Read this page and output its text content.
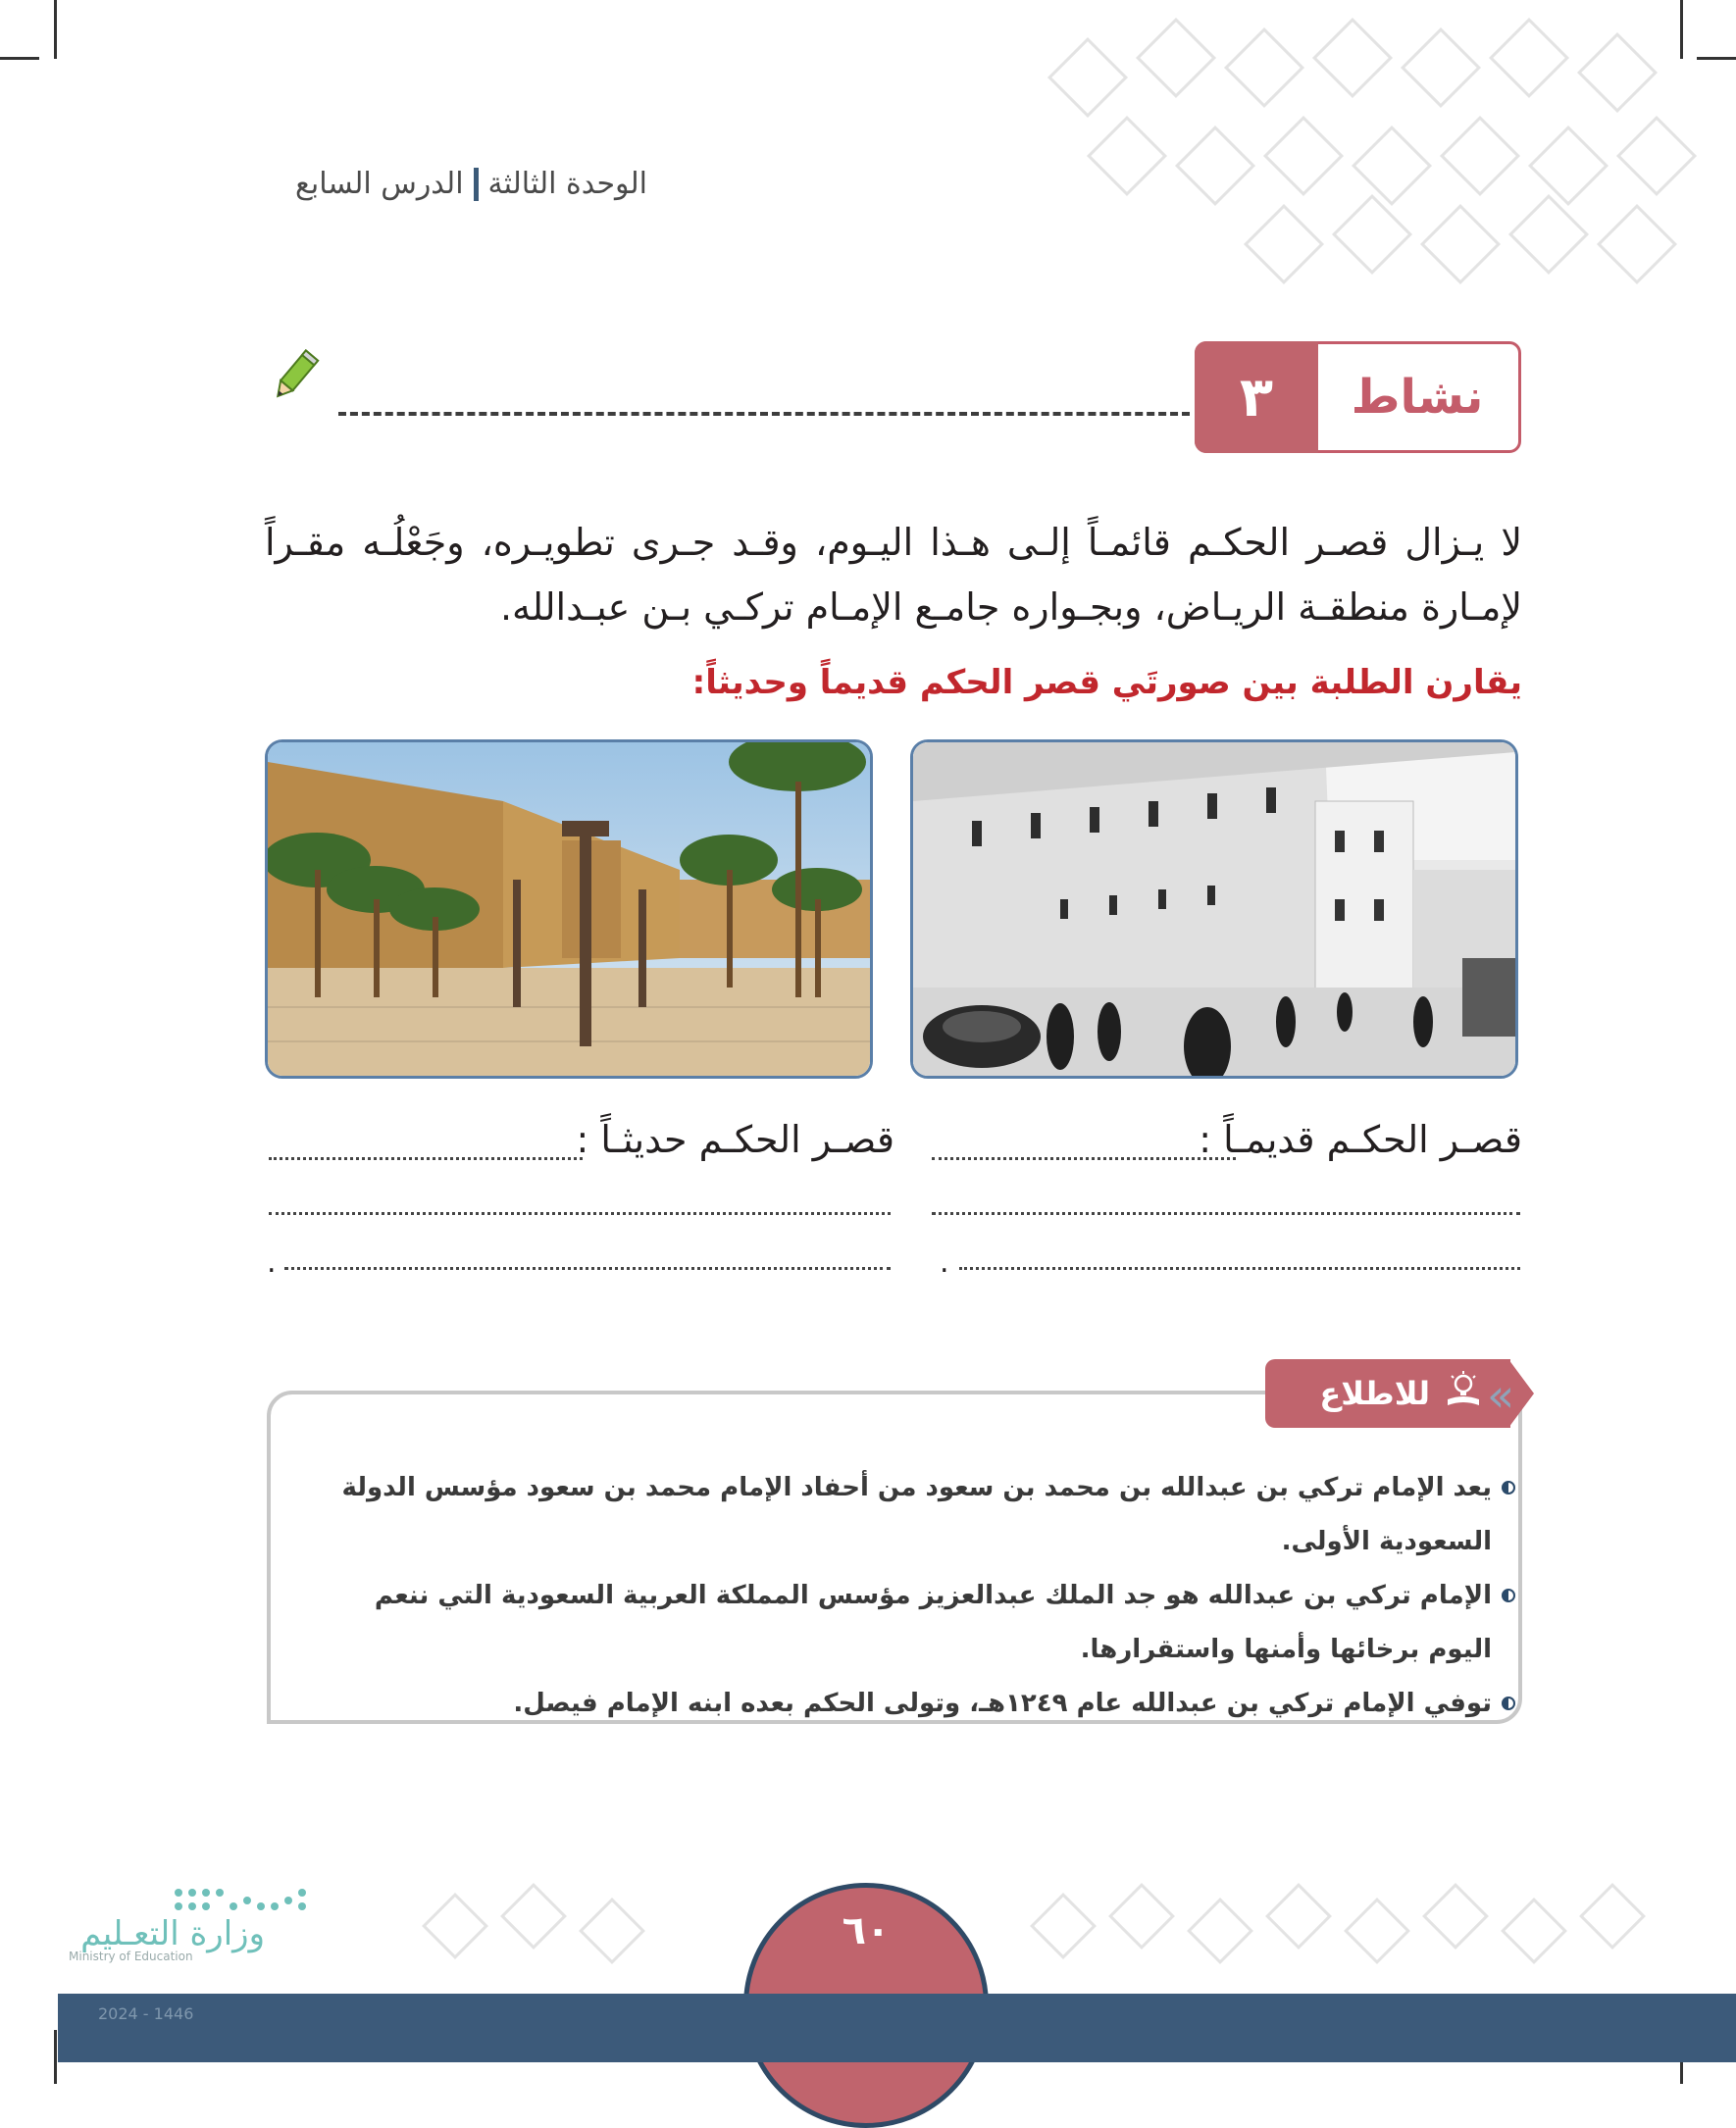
الوحدة الثالثة
الدرس السابع
نشاط
٣
لا يـزال قصـر الحكـم قائمـاً إلـى هـذا اليـوم، وقـد جـرى تطويـره، وجَعْلُـه مقـراً لإمـارة منطقـة الريـاض، وبجـواره جامـع الإمـام تركـي بـن عبـدالله.
يقارن الطلبة بين صورتَي قصر الحكم قديماً وحديثاً:
قصـر الحكـم قديمـاً :
.
قصـر الحكـم حديثـاً :
.
للاطلاع «
يعد الإمام تركي بن عبدالله بن محمد بن سعود من أحفاد الإمام محمد بن سعود مؤسس الدولة السعودية الأولى.
الإمام تركي بن عبدالله هو جد الملك عبدالعزيز مؤسس المملكة العربية السعودية التي ننعم اليوم برخائها وأمنها واستقرارها.
توفي الإمام تركي بن عبدالله عام ١٢٤٩هـ، وتولى الحكم بعده ابنه الإمام فيصل.
٦٠
وزارة التعـليم
Ministry of Education
2024 - 1446
